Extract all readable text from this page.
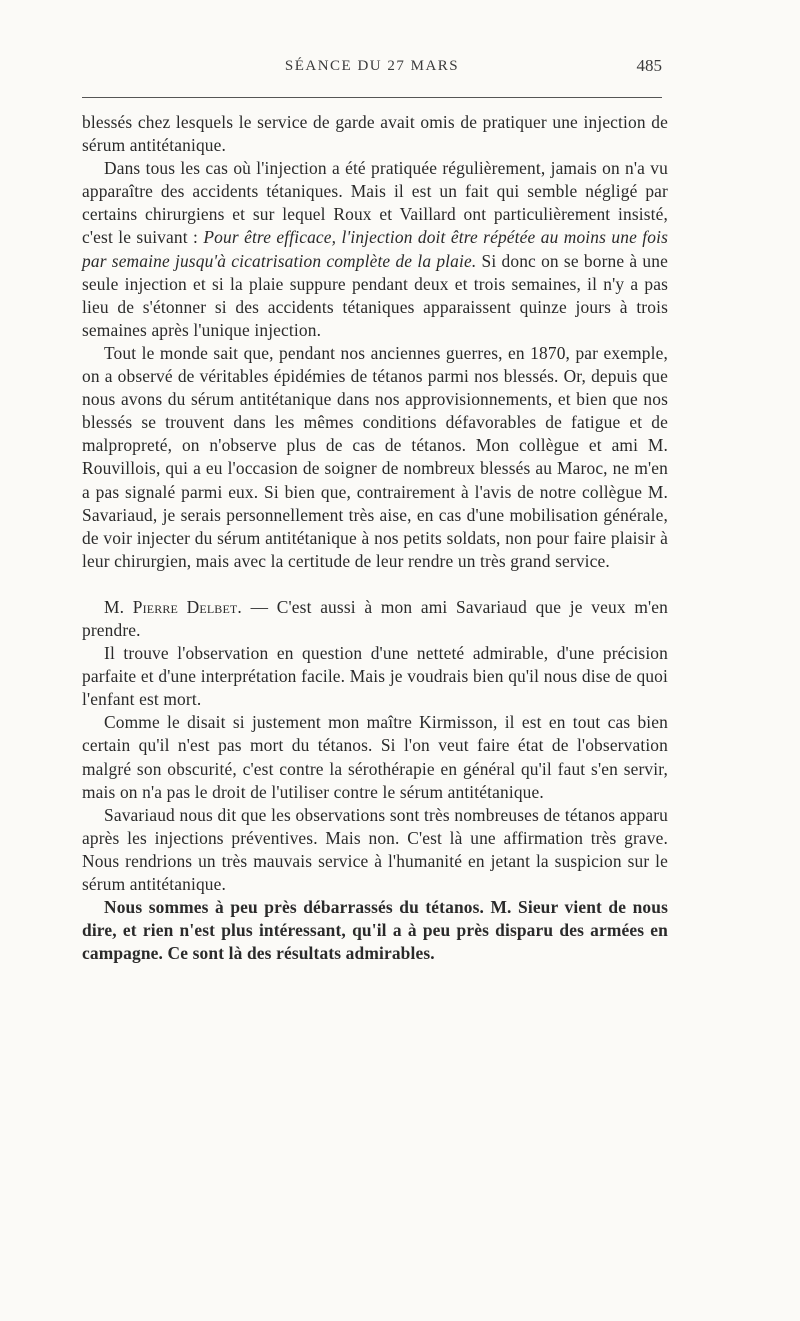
SÉANCE DU 27 MARS	485

blessés chez lesquels le service de garde avait omis de pratiquer une injection de sérum antitétanique.

Dans tous les cas où l'injection a été pratiquée régulièrement, jamais on n'a vu apparaître des accidents tétaniques. Mais il est un fait qui semble négligé par certains chirurgiens et sur lequel Roux et Vaillard ont particulièrement insisté, c'est le suivant : Pour être efficace, l'injection doit être répétée au moins une fois par semaine jusqu'à cicatrisation complète de la plaie. Si donc on se borne à une seule injection et si la plaie suppure pendant deux et trois semaines, il n'y a pas lieu de s'étonner si des accidents tétaniques apparaissent quinze jours à trois semaines après l'unique injection.

Tout le monde sait que, pendant nos anciennes guerres, en 1870, par exemple, on a observé de véritables épidémies de tétanos parmi nos blessés. Or, depuis que nous avons du sérum antitétanique dans nos approvisionnements, et bien que nos blessés se trouvent dans les mêmes conditions défavorables de fatigue et de malpropreté, on n'observe plus de cas de tétanos. Mon collègue et ami M. Rouvillois, qui a eu l'occasion de soigner de nombreux blessés au Maroc, ne m'en a pas signalé parmi eux. Si bien que, contrairement à l'avis de notre collègue M. Savariaud, je serais personnellement très aise, en cas d'une mobilisation générale, de voir injecter du sérum antitétanique à nos petits soldats, non pour faire plaisir à leur chirurgien, mais avec la certitude de leur rendre un très grand service.

M. Pierre Delbet. — C'est aussi à mon ami Savariaud que je veux m'en prendre.

Il trouve l'observation en question d'une netteté admirable, d'une précision parfaite et d'une interprétation facile. Mais je voudrais bien qu'il nous dise de quoi l'enfant est mort.

Comme le disait si justement mon maître Kirmisson, il est en tout cas bien certain qu'il n'est pas mort du tétanos. Si l'on veut faire état de l'observation malgré son obscurité, c'est contre la sérothérapie en général qu'il faut s'en servir, mais on n'a pas le droit de l'utiliser contre le sérum antitétanique.

Savariaud nous dit que les observations sont très nombreuses de tétanos apparu après les injections préventives. Mais non. C'est là une affirmation très grave. Nous rendrions un très mauvais service à l'humanité en jetant la suspicion sur le sérum antitétanique.

Nous sommes à peu près débarrassés du tétanos. M. Sieur vient de nous dire, et rien n'est plus intéressant, qu'il a à peu près disparu des armées en campagne. Ce sont là des résultats admirables.
